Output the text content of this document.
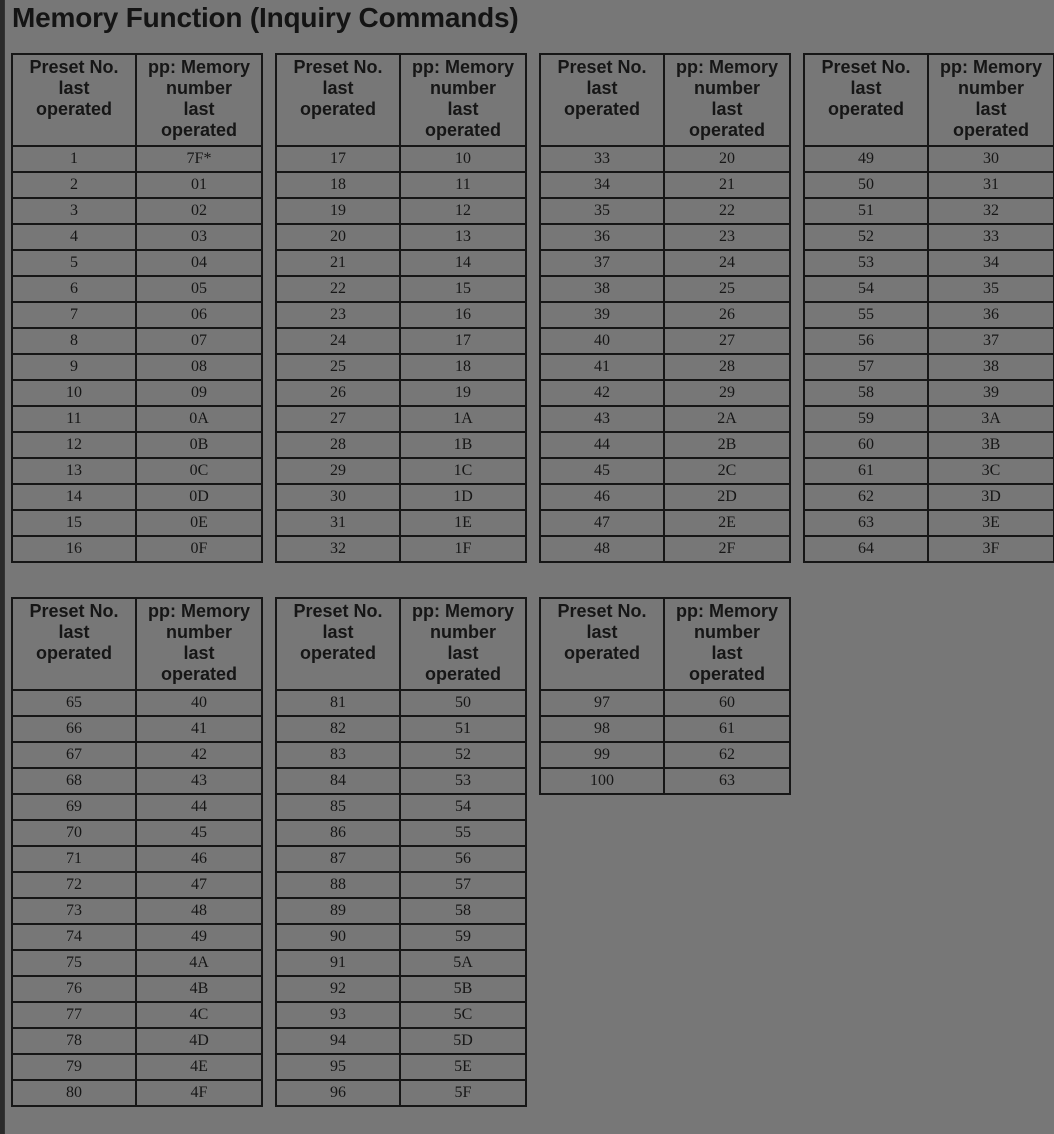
Memory Function (Inquiry Commands)
Preset No.
last
operated	pp: Memory
number
last
operated

1	7F*
2	01
3	02
4	03
5	04
6	05
7	06
8	07
9	08
10	09
11	0A
12	0B
13	0C
14	0D
15	0E
16	0F
Preset No.
last
operated	pp: Memory
number
last
operated

17	10
18	11
19	12
20	13
21	14
22	15
23	16
24	17
25	18
26	19
27	1A
28	1B
29	1C
30	1D
31	1E
32	1F
Preset No.
last
operated	pp: Memory
number
last
operated

33	20
34	21
35	22
36	23
37	24
38	25
39	26
40	27
41	28
42	29
43	2A
44	2B
45	2C
46	2D
47	2E
48	2F
Preset No.
last
operated	pp: Memory
number
last
operated

49	30
50	31
51	32
52	33
53	34
54	35
55	36
56	37
57	38
58	39
59	3A
60	3B
61	3C
62	3D
63	3E
64	3F
Preset No.
last
operated	pp: Memory
number
last
operated

65	40
66	41
67	42
68	43
69	44
70	45
71	46
72	47
73	48
74	49
75	4A
76	4B
77	4C
78	4D
79	4E
80	4F
Preset No.
last
operated	pp: Memory
number
last
operated

81	50
82	51
83	52
84	53
85	54
86	55
87	56
88	57
89	58
90	59
91	5A
92	5B
93	5C
94	5D
95	5E
96	5F
Preset No.
last
operated	pp: Memory
number
last
operated

97	60
98	61
99	62
100	63
